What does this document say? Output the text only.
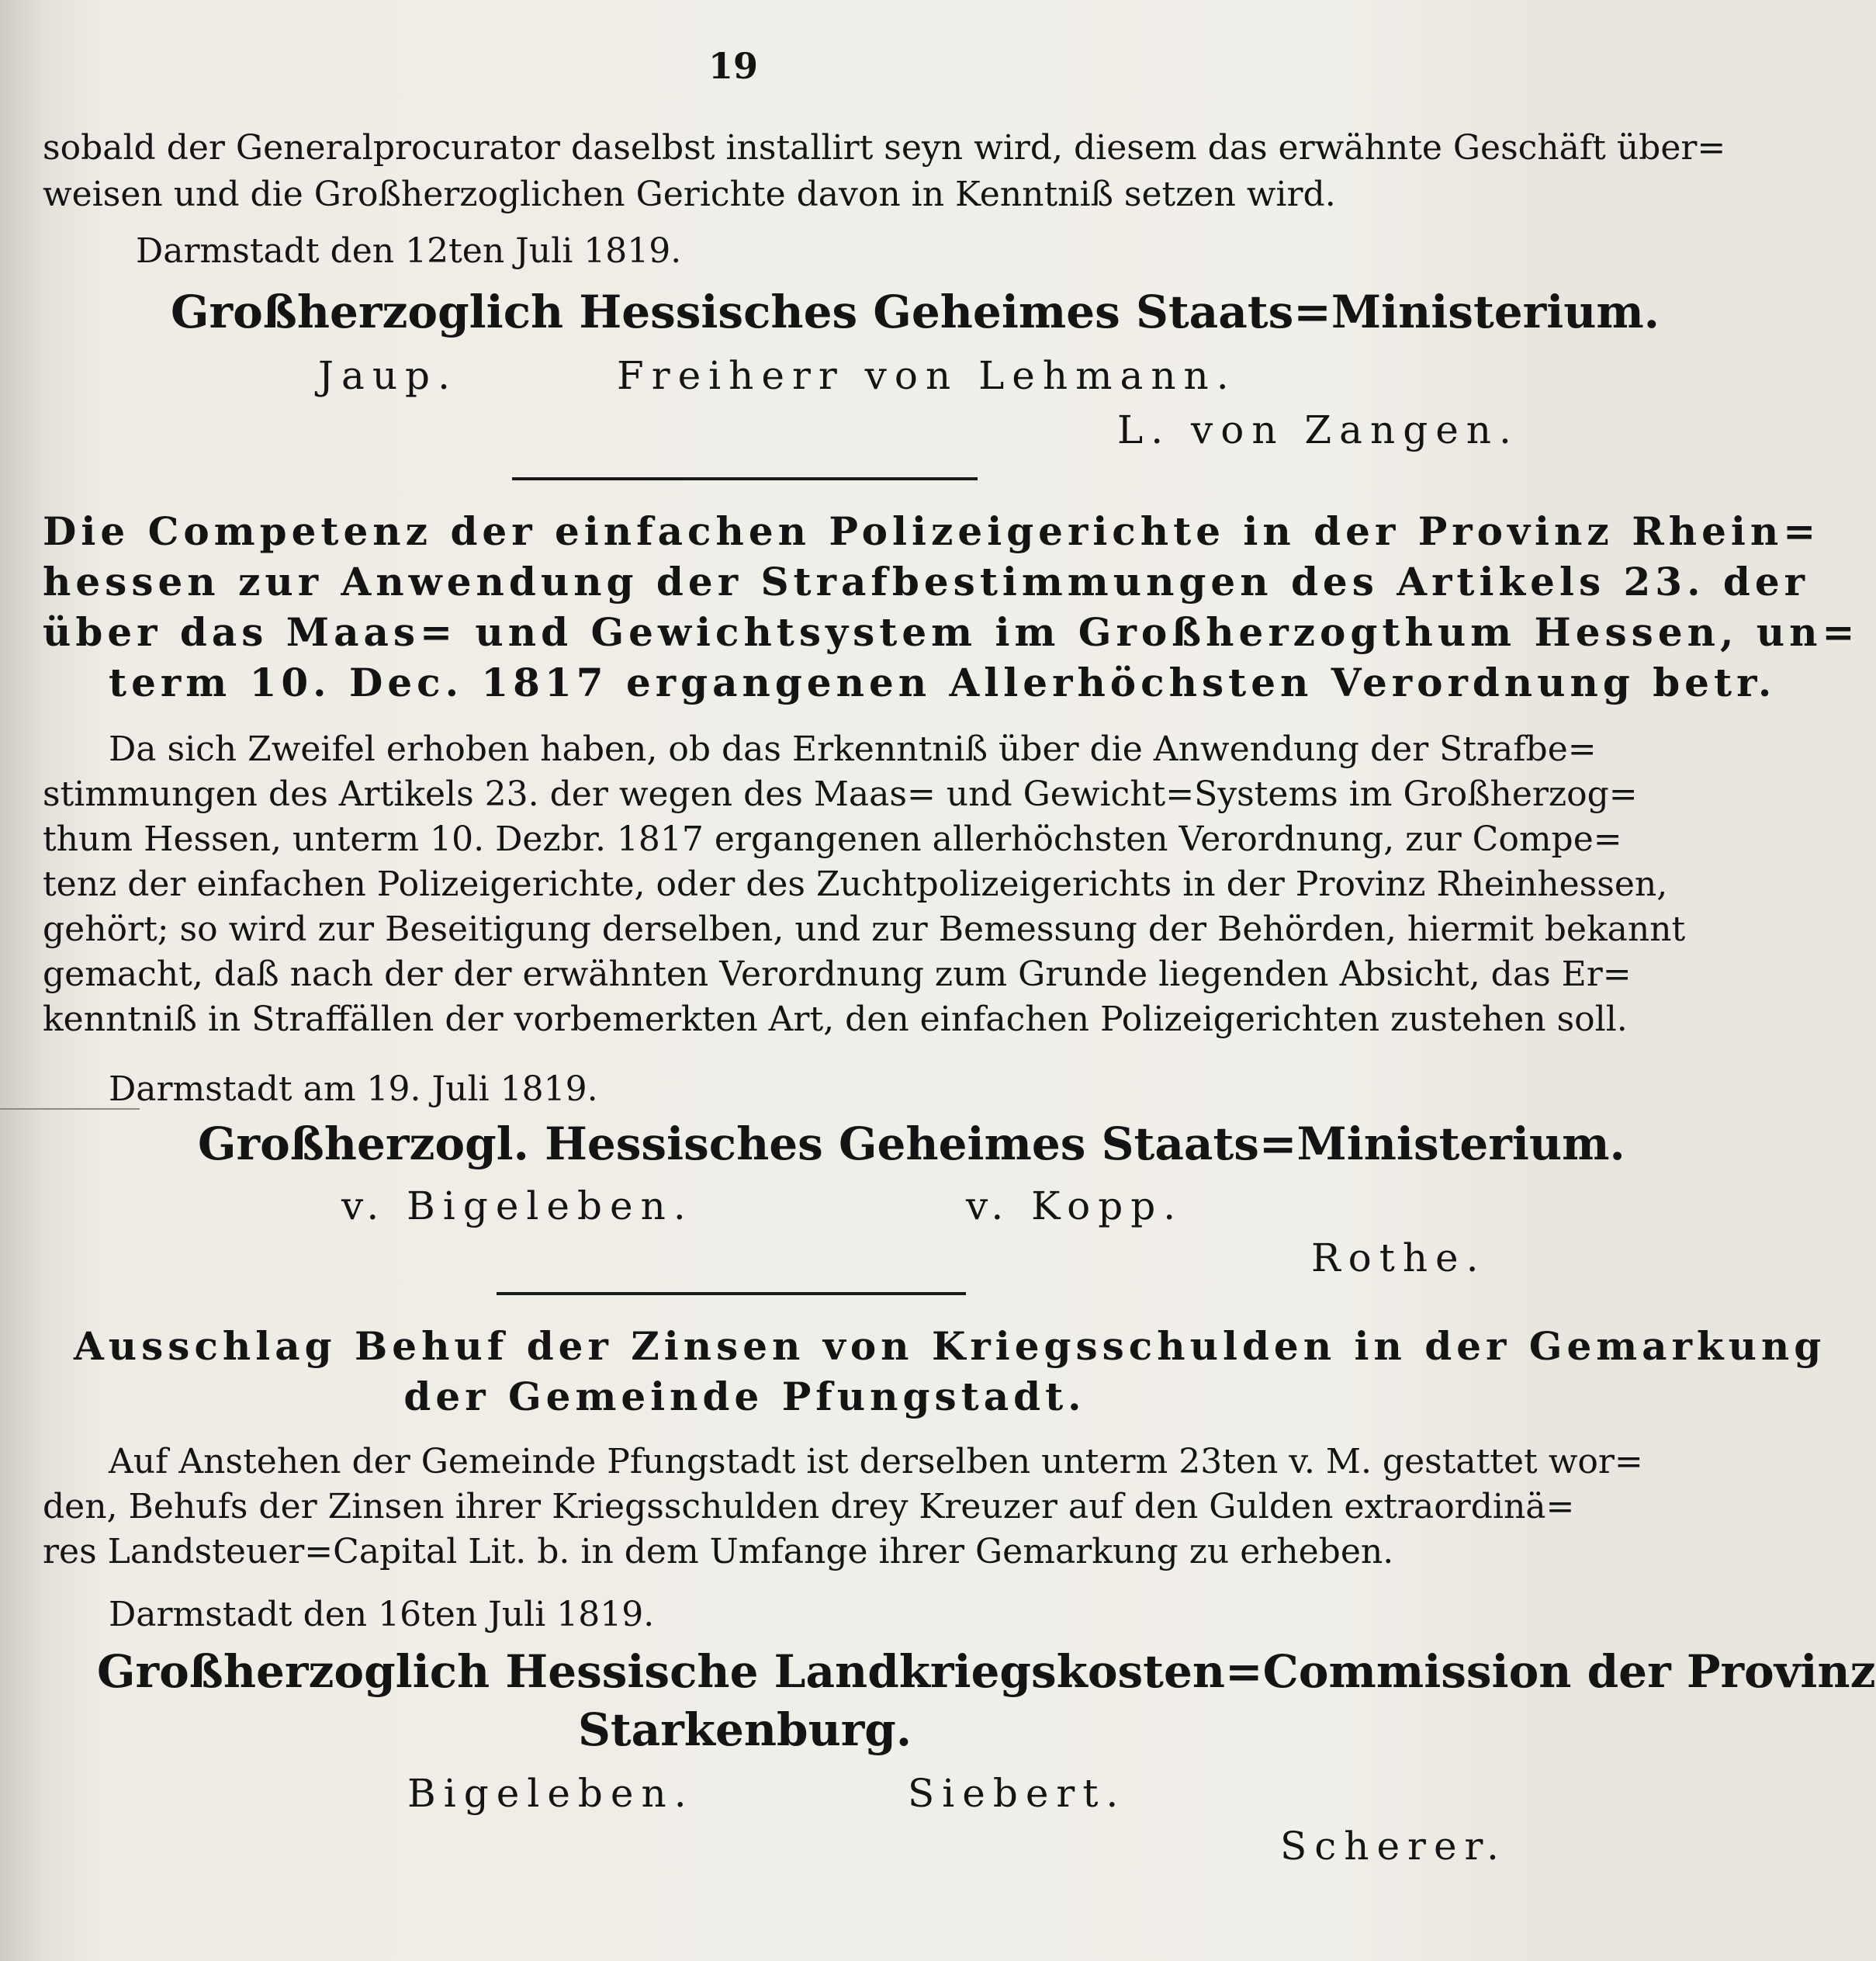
19
sobald der Generalprocurator daselbst installirt seyn wird, diesem das erwähnte Geschäft über=
weisen und die Großherzoglichen Gerichte davon in Kenntniß setzen wird.
Darmstadt den 12ten Juli 1819.
Großherzoglich Hessisches Geheimes Staats=Ministerium.
Jaup.	Freiherr von Lehmann.
L. von Zangen.
Die Competenz der einfachen Polizeigerichte in der Provinz Rhein=
hessen zur Anwendung der Strafbestimmungen des Artikels 23. der
über das Maas= und Gewichtsystem im Großherzogthum Hessen, un=
term 10. Dec. 1817 ergangenen Allerhöchsten Verordnung betr.
Da sich Zweifel erhoben haben, ob das Erkenntniß über die Anwendung der Strafbe=
stimmungen des Artikels 23. der wegen des Maas= und Gewicht=Systems im Großherzog=
thum Hessen, unterm 10. Dezbr. 1817 ergangenen allerhöchsten Verordnung, zur Compe=
tenz der einfachen Polizeigerichte, oder des Zuchtpolizeigerichts in der Provinz Rheinhessen,
gehört; so wird zur Beseitigung derselben, und zur Bemessung der Behörden, hiermit bekannt
gemacht, daß nach der der erwähnten Verordnung zum Grunde liegenden Absicht, das Er=
kenntniß in Straffällen der vorbemerkten Art, den einfachen Polizeigerichten zustehen soll.
Darmstadt am 19. Juli 1819.
Großherzogl. Hessisches Geheimes Staats=Ministerium.
v. Bigeleben.	v. Kopp.
Rothe.
Ausschlag Behuf der Zinsen von Kriegsschulden in der Gemarkung
der Gemeinde Pfungstadt.
Auf Anstehen der Gemeinde Pfungstadt ist derselben unterm 23ten v. M. gestattet wor=
den, Behufs der Zinsen ihrer Kriegsschulden drey Kreuzer auf den Gulden extraordinä=
res Landsteuer=Capital Lit. b. in dem Umfange ihrer Gemarkung zu erheben.
Darmstadt den 16ten Juli 1819.
Großherzoglich Hessische Landkriegskosten=Commission der Provinz
Starkenburg.
Bigeleben.	Siebert.
Scherer.
